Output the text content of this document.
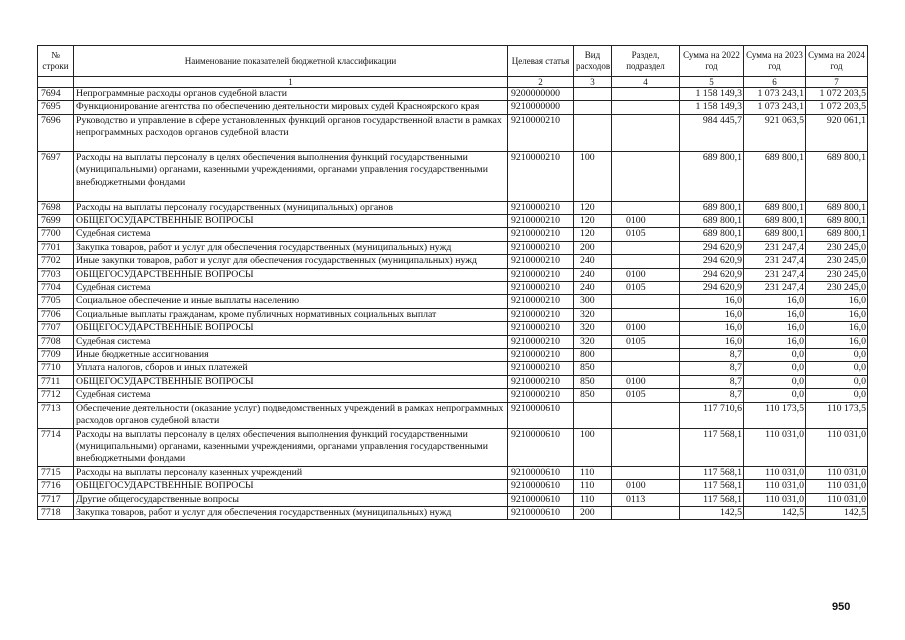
№ строки	Наименование показателей бюджетной классификации	Целевая статья	Вид расходов	Раздел, подраздел	Сумма на 2022 год	Сумма на 2023 год	Сумма на 2024 год
	1	2	3	4	5	6	7
7694	Непрограммные расходы органов судебной власти	9200000000			1 158 149,3	1 073 243,1	1 072 203,5
7695	Функционирование агентства по обеспечению деятельности мировых судей Красноярского края	9210000000			1 158 149,3	1 073 243,1	1 072 203,5
7696	Руководство и управление в сфере установленных функций органов государственной власти в рамках непрограммных расходов органов судебной власти	9210000210			984 445,7	921 063,5	920 061,1
7697	Расходы на выплаты персоналу в целях обеспечения выполнения функций государственными (муниципальными) органами, казенными учреждениями, органами управления государственными внебюджетными фондами	9210000210	100		689 800,1	689 800,1	689 800,1
7698	Расходы на выплаты персоналу государственных (муниципальных) органов	9210000210	120		689 800,1	689 800,1	689 800,1
7699	ОБЩЕГОСУДАРСТВЕННЫЕ ВОПРОСЫ	9210000210	120	0100	689 800,1	689 800,1	689 800,1
7700	Судебная система	9210000210	120	0105	689 800,1	689 800,1	689 800,1
7701	Закупка товаров, работ и услуг для обеспечения государственных (муниципальных) нужд	9210000210	200		294 620,9	231 247,4	230 245,0
7702	Иные закупки товаров, работ и услуг для обеспечения государственных (муниципальных) нужд	9210000210	240		294 620,9	231 247,4	230 245,0
7703	ОБЩЕГОСУДАРСТВЕННЫЕ ВОПРОСЫ	9210000210	240	0100	294 620,9	231 247,4	230 245,0
7704	Судебная система	9210000210	240	0105	294 620,9	231 247,4	230 245,0
7705	Социальное обеспечение и иные выплаты населению	9210000210	300		16,0	16,0	16,0
7706	Социальные выплаты гражданам, кроме публичных нормативных социальных выплат	9210000210	320		16,0	16,0	16,0
7707	ОБЩЕГОСУДАРСТВЕННЫЕ ВОПРОСЫ	9210000210	320	0100	16,0	16,0	16,0
7708	Судебная система	9210000210	320	0105	16,0	16,0	16,0
7709	Иные бюджетные ассигнования	9210000210	800		8,7	0,0	0,0
7710	Уплата налогов, сборов и иных платежей	9210000210	850		8,7	0,0	0,0
7711	ОБЩЕГОСУДАРСТВЕННЫЕ ВОПРОСЫ	9210000210	850	0100	8,7	0,0	0,0
7712	Судебная система	9210000210	850	0105	8,7	0,0	0,0
7713	Обеспечение деятельности (оказание услуг) подведомственных учреждений в рамках непрограммных расходов органов судебной власти	9210000610			117 710,6	110 173,5	110 173,5
7714	Расходы на выплаты персоналу в целях обеспечения выполнения функций государственными (муниципальными) органами, казенными учреждениями, органами управления государственными внебюджетными фондами	9210000610	100		117 568,1	110 031,0	110 031,0
7715	Расходы на выплаты персоналу казенных учреждений	9210000610	110		117 568,1	110 031,0	110 031,0
7716	ОБЩЕГОСУДАРСТВЕННЫЕ ВОПРОСЫ	9210000610	110	0100	117 568,1	110 031,0	110 031,0
7717	Другие общегосударственные вопросы	9210000610	110	0113	117 568,1	110 031,0	110 031,0
7718	Закупка товаров, работ и услуг для обеспечения государственных (муниципальных) нужд	9210000610	200		142,5	142,5	142,5
950
